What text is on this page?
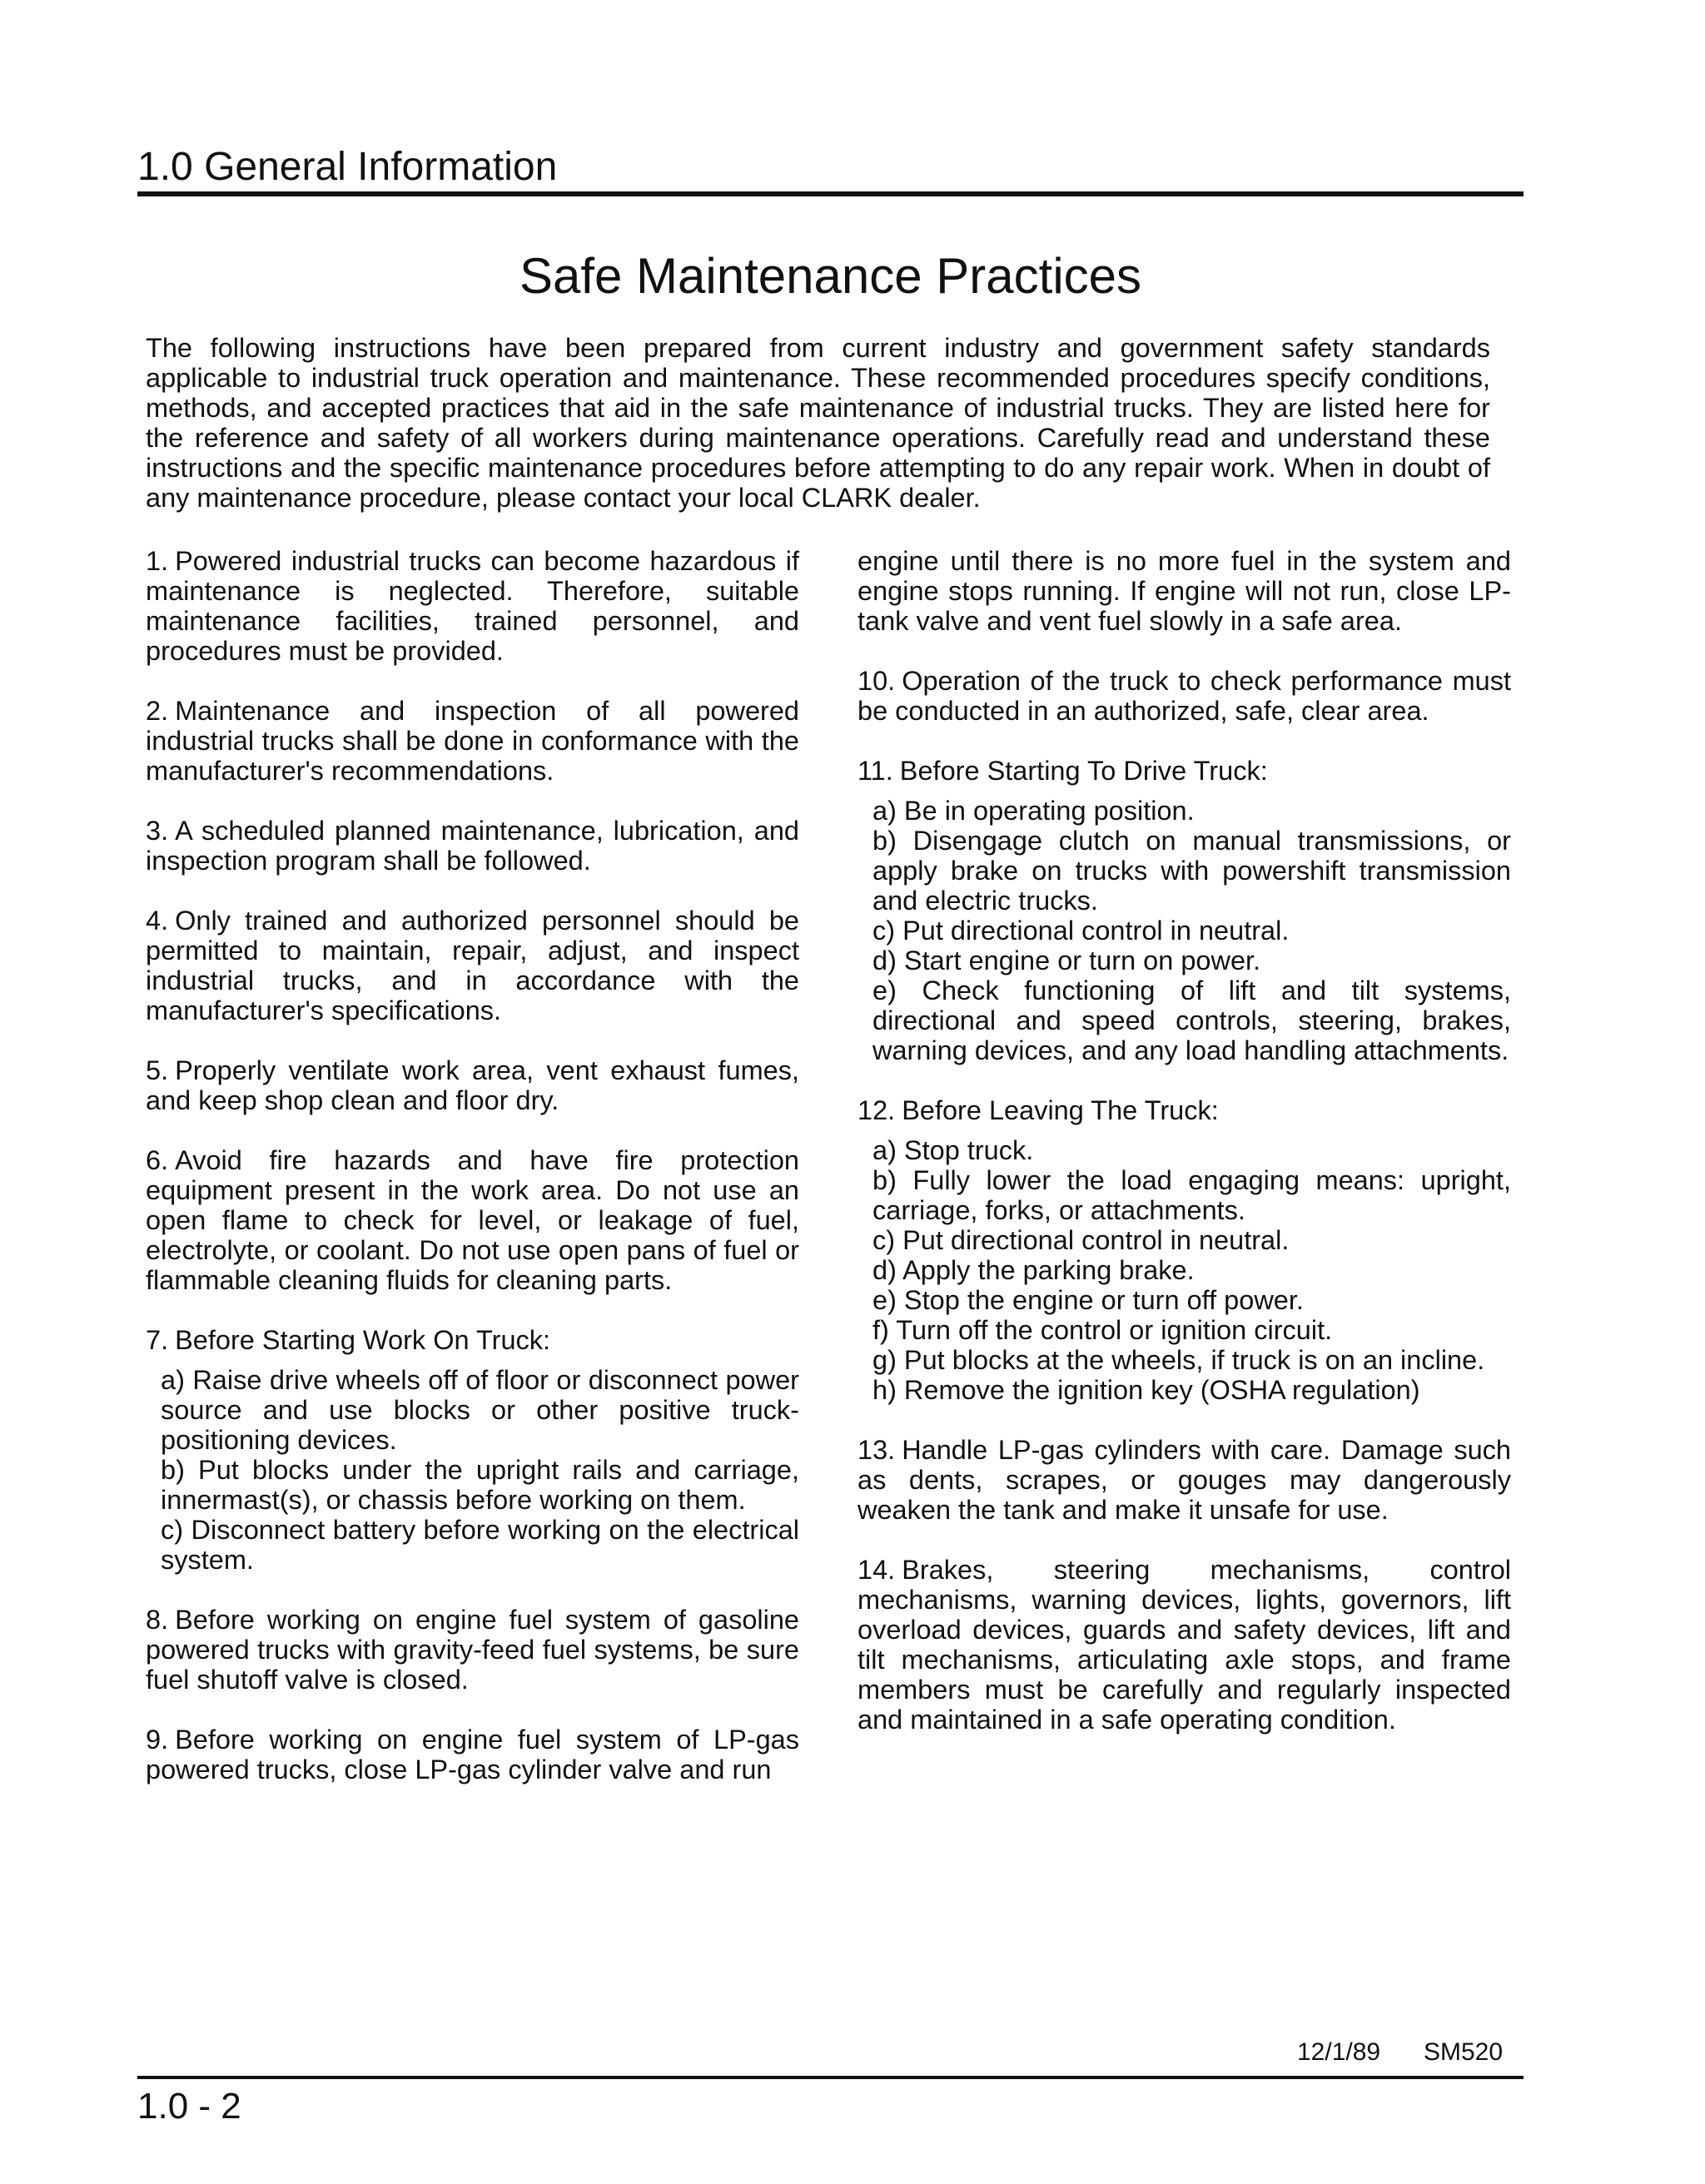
1.0 General Information
Safe Maintenance Practices

The following instructions have been prepared from current industry and government safety standards applicable to industrial truck operation and maintenance. These recommended procedures specify conditions, methods, and accepted practices that aid in the safe maintenance of industrial trucks. They are listed here for the reference and safety of all workers during maintenance operations. Carefully read and understand these instructions and the specific maintenance procedures before attempting to do any repair work. When in doubt of any maintenance procedure, please contact your local CLARK dealer.

1. Powered industrial trucks can become hazardous if maintenance is neglected. Therefore, suitable maintenance facilities, trained personnel, and procedures must be provided.

2. Maintenance and inspection of all powered industrial trucks shall be done in conformance with the manufacturer's recommendations.

3. A scheduled planned maintenance, lubrication, and inspection program shall be followed.

4. Only trained and authorized personnel should be permitted to maintain, repair, adjust, and inspect industrial trucks, and in accordance with the manufacturer's specifications.

5. Properly ventilate work area, vent exhaust fumes, and keep shop clean and floor dry.

6. Avoid fire hazards and have fire protection equipment present in the work area. Do not use an open flame to check for level, or leakage of fuel, electrolyte, or coolant. Do not use open pans of fuel or flammable cleaning fluids for cleaning parts.

7. Before Starting Work On Truck:

a) Raise drive wheels off of floor or disconnect power source and use blocks or other positive truck-positioning devices.
b) Put blocks under the upright rails and carriage, innermast(s), or chassis before working on them.
c) Disconnect battery before working on the electrical system.

8. Before working on engine fuel system of gasoline powered trucks with gravity-feed fuel systems, be sure fuel shutoff valve is closed.

9. Before working on engine fuel system of LP-gas powered trucks, close LP-gas cylinder valve and run

engine until there is no more fuel in the system and engine stops running. If engine will not run, close LP-tank valve and vent fuel slowly in a safe area.

10. Operation of the truck to check performance must be conducted in an authorized, safe, clear area.

11. Before Starting To Drive Truck:

a) Be in operating position.
b) Disengage clutch on manual transmissions, or apply brake on trucks with powershift transmission and electric trucks.
c) Put directional control in neutral.
d) Start engine or turn on power.
e) Check functioning of lift and tilt systems, directional and speed controls, steering, brakes, warning devices, and any load handling attachments.

12. Before Leaving The Truck:

a) Stop truck.
b) Fully lower the load engaging means: upright, carriage, forks, or attachments.
c) Put directional control in neutral.
d) Apply the parking brake.
e) Stop the engine or turn off power.
f) Turn off the control or ignition circuit.
g) Put blocks at the wheels, if truck is on an incline.
h) Remove the ignition key (OSHA regulation)

13. Handle LP-gas cylinders with care. Damage such as dents, scrapes, or gouges may dangerously weaken the tank and make it unsafe for use.

14. Brakes, steering mechanisms, control mechanisms, warning devices, lights, governors, lift overload devices, guards and safety devices, lift and tilt mechanisms, articulating axle stops, and frame members must be carefully and regularly inspected and maintained in a safe operating condition.

12/1/89 SM520
1.0 - 2
